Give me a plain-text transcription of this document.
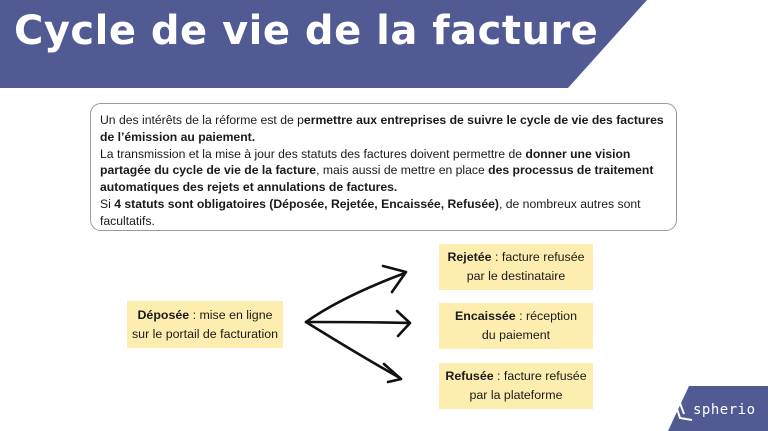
Cycle de vie de la facture

Un des intérêts de la réforme est de permettre aux entreprises de suivre le cycle de vie des factures de l’émission au paiement.

La transmission et la mise à jour des statuts des factures doivent permettre de donner une vision partagée du cycle de vie de la facture, mais aussi de mettre en place des processus de traitement automatiques des rejets et annulations de factures.

Si 4 statuts sont obligatoires (Déposée, Rejetée, Encaissée, Refusée), de nombreux autres sont facultatifs.

Déposée : mise en ligne
sur le portail de facturation
Rejetée : facture refusée
par le destinataire
Encaissée : réception
du paiement
Refusée : facture refusée
par la plateforme
spherio
